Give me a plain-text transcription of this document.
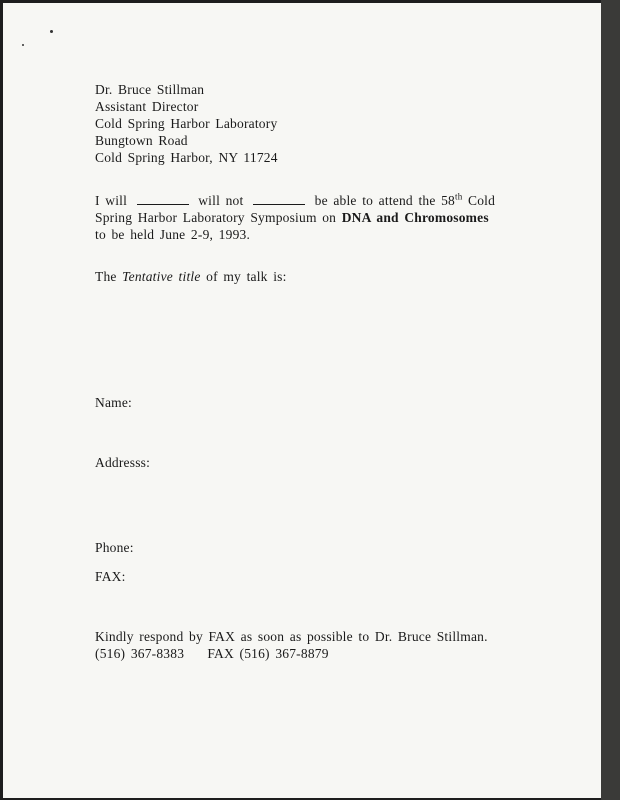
Dr. Bruce Stillman
Assistant Director
Cold Spring Harbor Laboratory
Bungtown Road
Cold Spring Harbor, NY 11724
I will	will not	be able to attend the 58th Cold
Spring Harbor Laboratory Symposium on DNA and Chromosomes
to be held June 2-9, 1993.
The Tentative title of my talk is:
Name:
Addresss:
Phone:
FAX:
Kindly respond by FAX as soon as possible to Dr. Bruce Stillman.
(516) 367-8383 FAX (516) 367-8879
